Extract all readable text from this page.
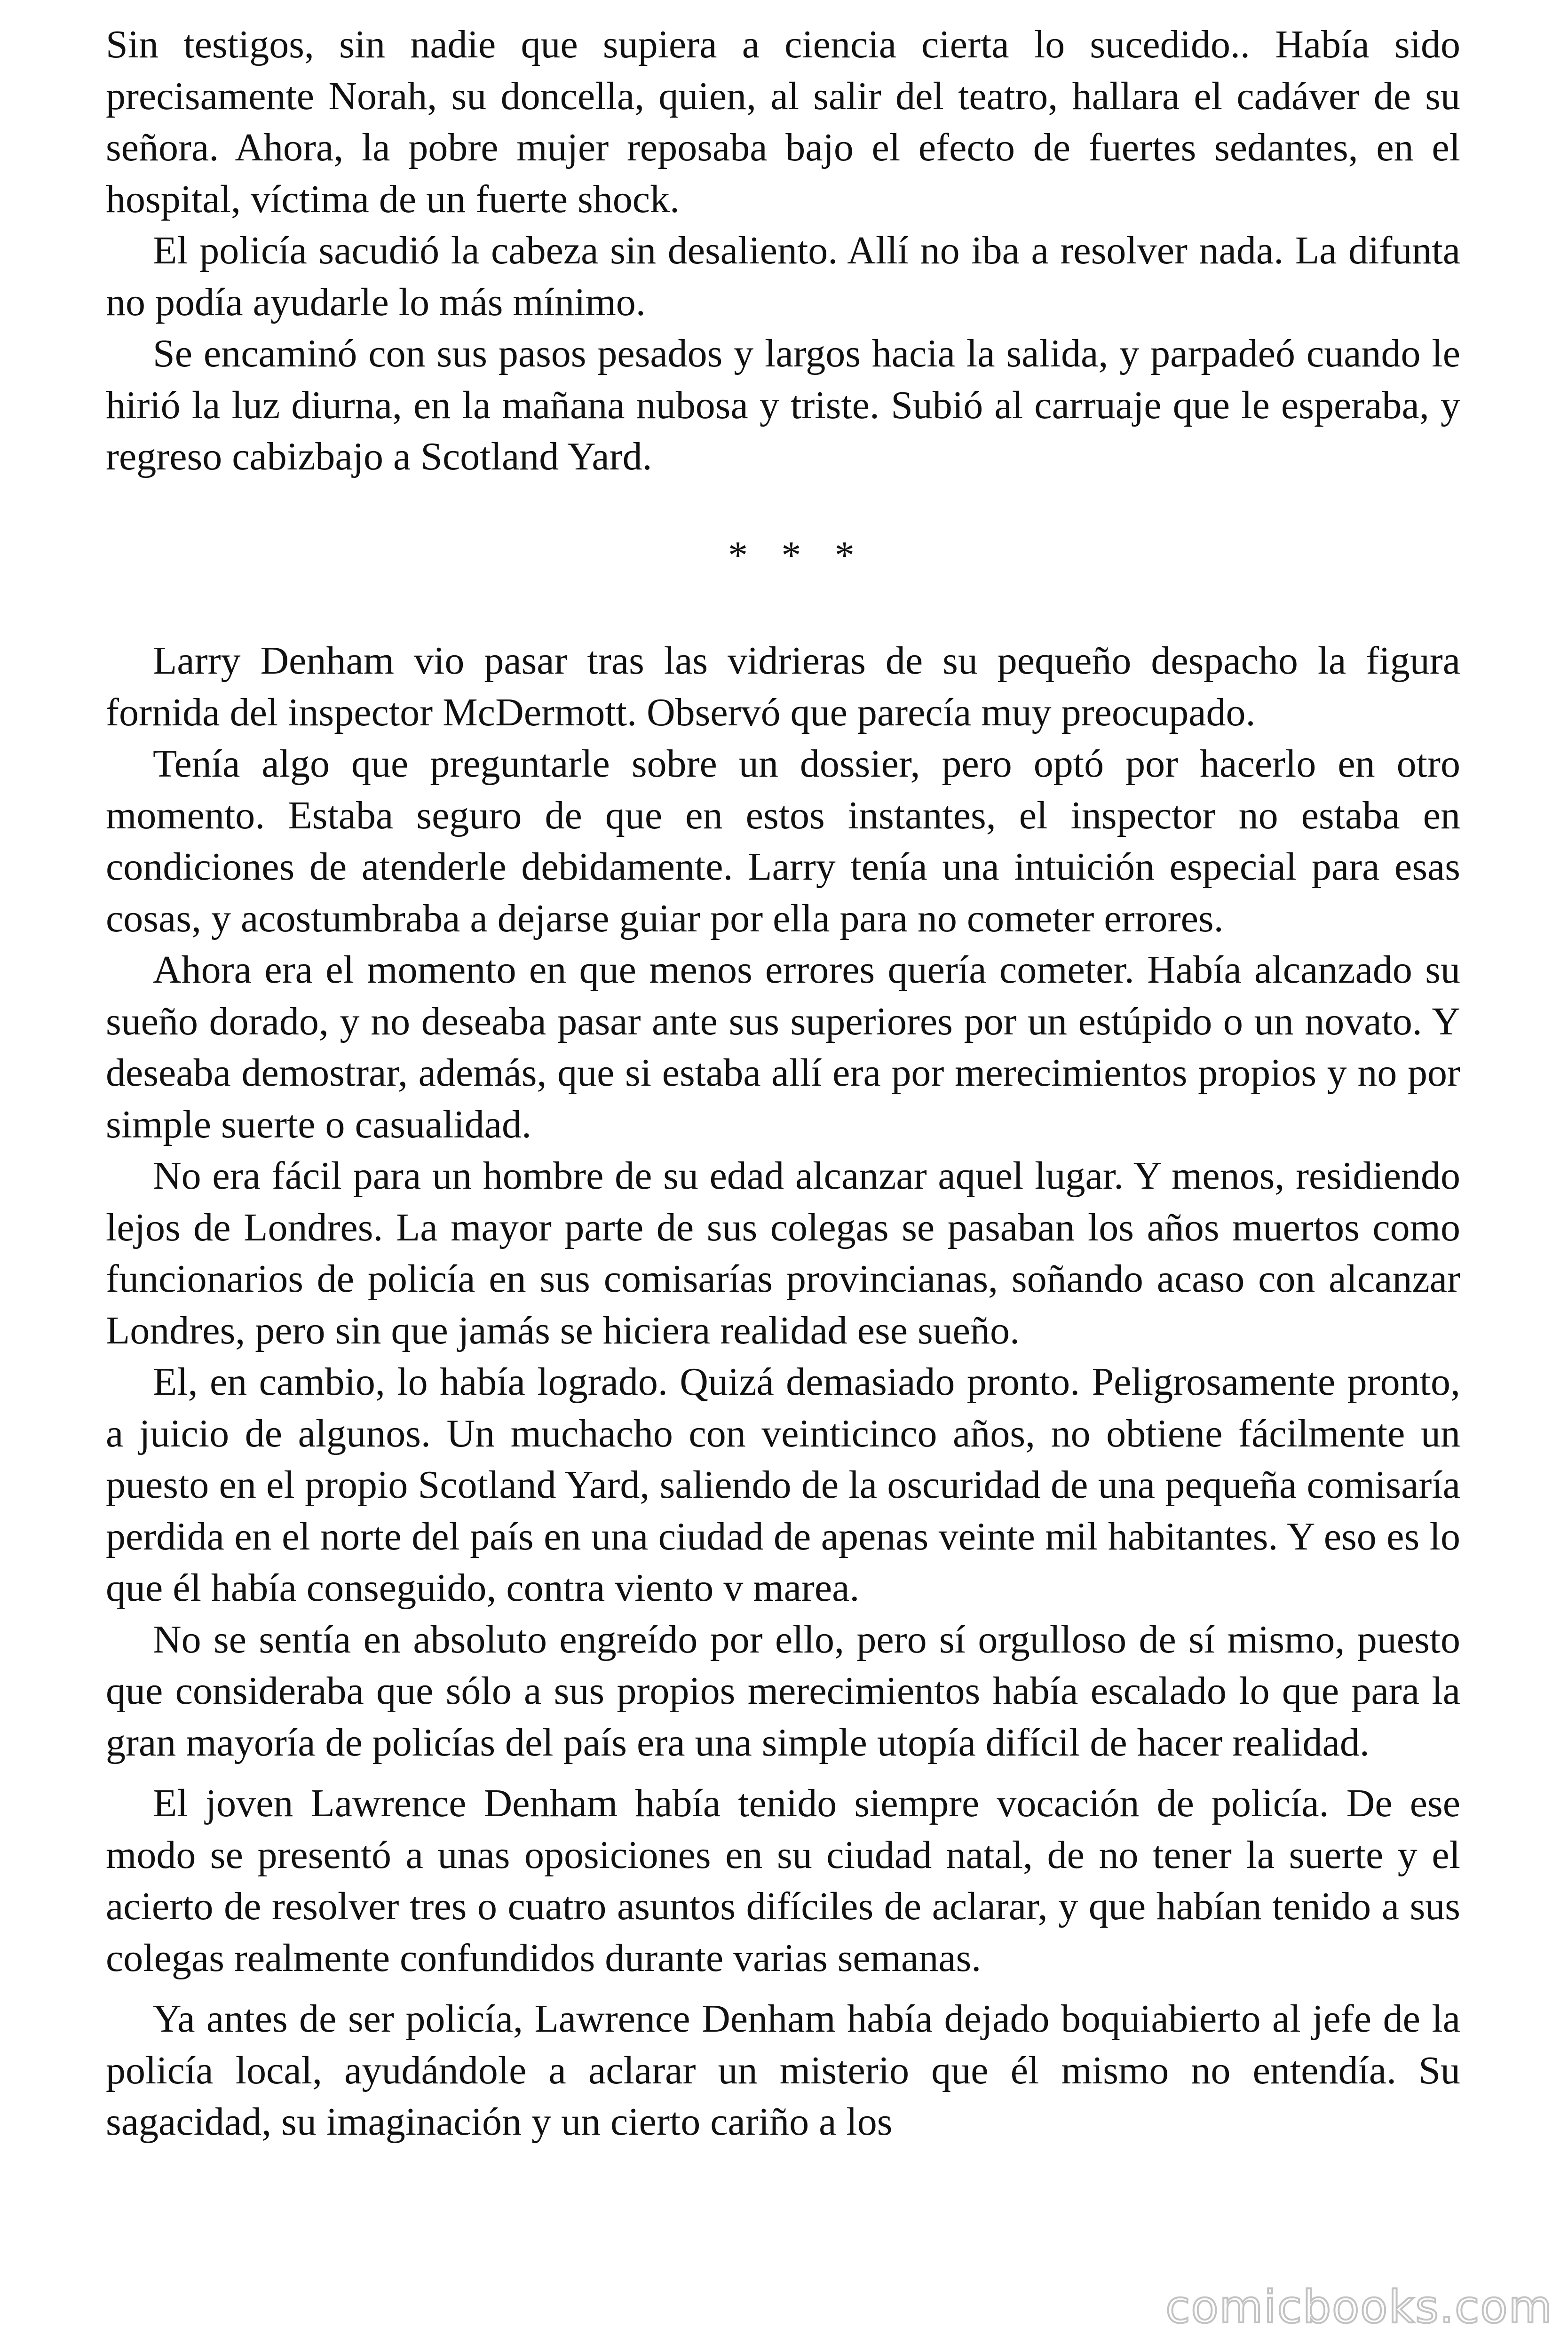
Sin testigos, sin nadie que supiera a ciencia cierta lo sucedido.. Había sido precisamente Norah, su doncella, quien, al salir del teatro, hallara el cadáver de su señora. Ahora, la pobre mujer reposaba bajo el efecto de fuertes sedantes, en el hospital, víctima de un fuerte shock.

El policía sacudió la cabeza sin desaliento. Allí no iba a resolver nada. La difunta no podía ayudarle lo más mínimo.

Se encaminó con sus pasos pesados y largos hacia la salida, y parpadeó cuando le hirió la luz diurna, en la mañana nubosa y triste. Subió al carruaje que le esperaba, y regreso cabizbajo a Scotland Yard.

* * *

Larry Denham vio pasar tras las vidrieras de su pequeño despacho la figura fornida del inspector McDermott. Observó que parecía muy preocupado.

Tenía algo que preguntarle sobre un dossier, pero optó por hacerlo en otro momento. Estaba seguro de que en estos instantes, el inspector no estaba en condiciones de atenderle debidamente. Larry tenía una intuición especial para esas cosas, y acostumbraba a dejarse guiar por ella para no cometer errores.

Ahora era el momento en que menos errores quería cometer. Había alcanzado su sueño dorado, y no deseaba pasar ante sus superiores por un estúpido o un novato. Y deseaba demostrar, además, que si estaba allí era por merecimientos propios y no por simple suerte o casualidad.

No era fácil para un hombre de su edad alcanzar aquel lugar. Y menos, residiendo lejos de Londres. La mayor parte de sus colegas se pasaban los años muertos como funcionarios de policía en sus comisarías provincianas, soñando acaso con alcanzar Londres, pero sin que jamás se hiciera realidad ese sueño.

El, en cambio, lo había logrado. Quizá demasiado pronto. Peligrosamente pronto, a juicio de algunos. Un muchacho con veinticinco años, no obtiene fácilmente un puesto en el propio Scotland Yard, saliendo de la oscuridad de una pequeña comisaría perdida en el norte del país en una ciudad de apenas veinte mil habitantes. Y eso es lo que él había conseguido, contra viento v marea.

No se sentía en absoluto engreído por ello, pero sí orgulloso de sí mismo, puesto que consideraba que sólo a sus propios merecimientos había escalado lo que para la gran mayoría de policías del país era una simple utopía difícil de hacer realidad.

El joven Lawrence Denham había tenido siempre vocación de policía. De ese modo se presentó a unas oposiciones en su ciudad natal, de no tener la suerte y el acierto de resolver tres o cuatro asuntos difíciles de aclarar, y que habían tenido a sus colegas realmente confundidos durante varias semanas.

Ya antes de ser policía, Lawrence Denham había dejado boquiabierto al jefe de la policía local, ayudándole a aclarar un misterio que él mismo no entendía. Su sagacidad, su imaginación y un cierto cariño a los

comicbooks.com
